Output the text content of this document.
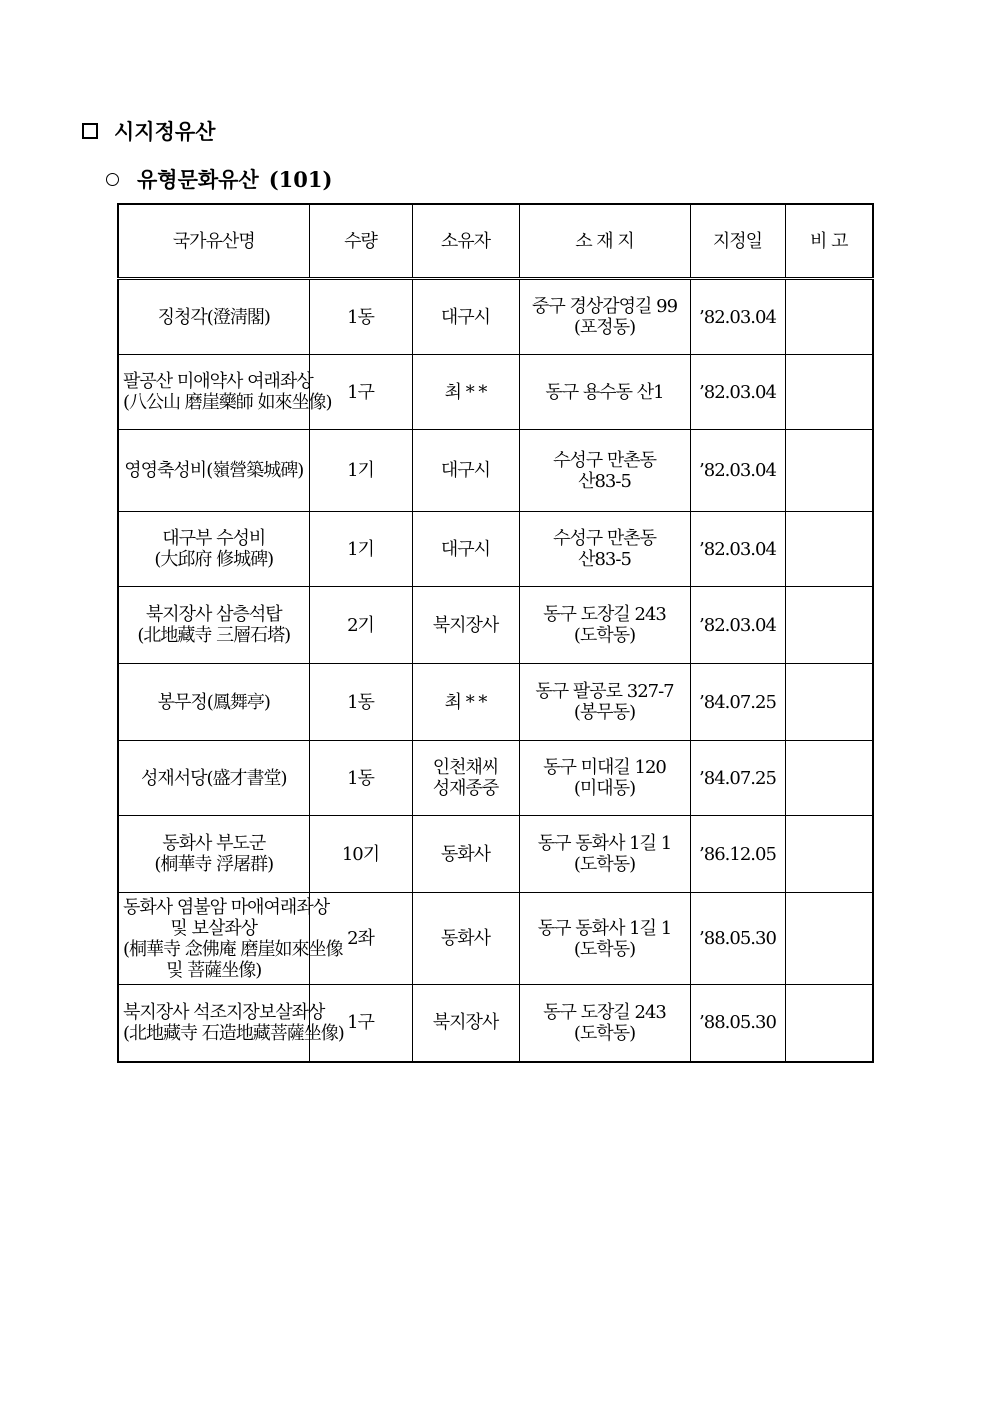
시지정유산
유형문화유산 (101)
국가유산명	수량	소유자	소 재 지	지정일	비 고

징청각(澄淸閣)	1동	대구시	중구 경상감영길 99
(포정동)	’82.03.04	

팔공산 미애약사 여래좌상
(八公山 磨崖藥師 如來坐像)	1구	최 * *	동구 용수동 산1	’82.03.04	

영영축성비(嶺營築城碑)	1기	대구시	수성구 만촌동
산83-5	’82.03.04	

대구부 수성비
(大邱府 修城碑)	1기	대구시	수성구 만촌동
산83-5	’82.03.04	

북지장사 삼층석탑
(北地藏寺 三層石塔)	2기	북지장사	동구 도장길 243
(도학동)	’82.03.04	

봉무정(鳳舞亭)	1동	최 * *	동구 팔공로 327-7
(봉무동)	’84.07.25	

성재서당(盛才書堂)	1동	인천채씨
성재종중	동구 미대길 120
(미대동)	’84.07.25	

동화사 부도군
(桐華寺 浮屠群)	10기	동화사	동구 동화사 1길 1
(도학동)	’86.12.05	

동화사 염불암 마애여래좌상
및 보살좌상
(桐華寺 念佛庵 磨崖如來坐像
및 菩薩坐像)	2좌	동화사	동구 동화사 1길 1
(도학동)	’88.05.30	

북지장사 석조지장보살좌상
(北地藏寺 石造地藏菩薩坐像)	1구	북지장사	동구 도장길 243
(도학동)	’88.05.30	
